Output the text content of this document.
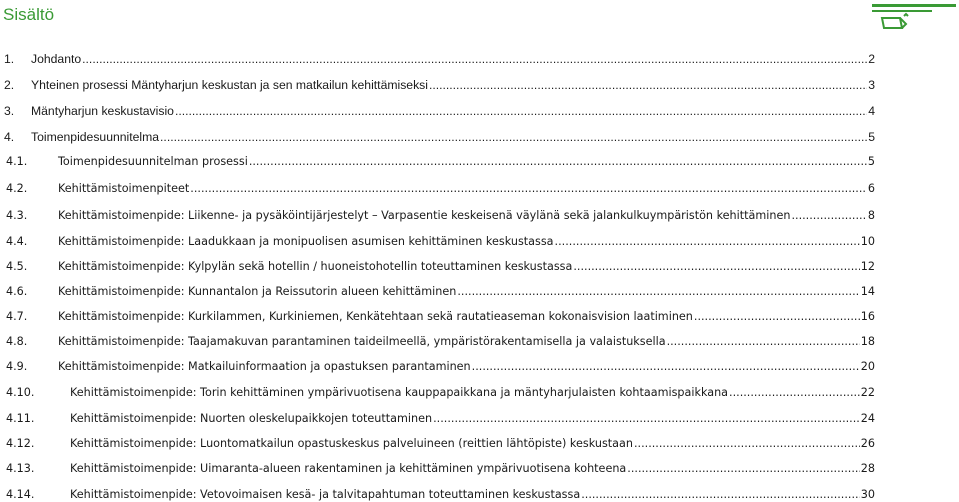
Sisältö
1. Johdanto .....	2
2. Yhteinen prosessi Mäntyharjun keskustan ja sen matkailun kehittämiseksi .....	3
3. Mäntyharjun keskustavisio .....	4
4. Toimenpidesuunnitelma .....	5
4.1.	Toimenpidesuunnitelman prosessi .....	5
4.2.	Kehittämistoimenpiteet .....	6
4.3.	Kehittämistoimenpide: Liikenne- ja pysäköintijärjestelyt – Varpasentie keskeisenä väylänä sekä jalankulkuympäristön kehittäminen .....	8
4.4.	Kehittämistoimenpide: Laadukkaan ja monipuolisen asumisen kehittäminen keskustassa .....	10
4.5.	Kehittämistoimenpide: Kylpylän sekä hotellin / huoneistohotellin toteuttaminen keskustassa .....	12
4.6.	Kehittämistoimenpide: Kunnantalon ja Reissutorin alueen kehittäminen .....	14
4.7.	Kehittämistoimenpide: Kurkilammen, Kurkiniemen, Kenkätehtaan sekä rautatieaseman kokonaisvision laatiminen .....	16
4.8.	Kehittämistoimenpide: Taajamakuvan parantaminen taideilmeellä, ympäristörakentamisella ja valaistuksella .....	18
4.9.	Kehittämistoimenpide: Matkailuinformaation ja opastuksen parantaminen .....	20
4.10.	Kehittämistoimenpide: Torin kehittäminen ympärivuotisena kauppapaikkana ja mäntyharjulaisten kohtaamispaikkana .....	22
4.11.	Kehittämistoimenpide: Nuorten oleskelupaikkojen toteuttaminen .....	24
4.12.	Kehittämistoimenpide: Luontomatkailun opastuskeskus palveluineen (reittien lähtöpiste) keskustaan .....	26
4.13.	Kehittämistoimenpide: Uimaranta-alueen rakentaminen ja kehittäminen ympärivuotisena kohteena .....	28
4.14.	Kehittämistoimenpide: Vetovoimaisen kesä- ja talvitapahtuman toteuttaminen keskustassa .....	30
